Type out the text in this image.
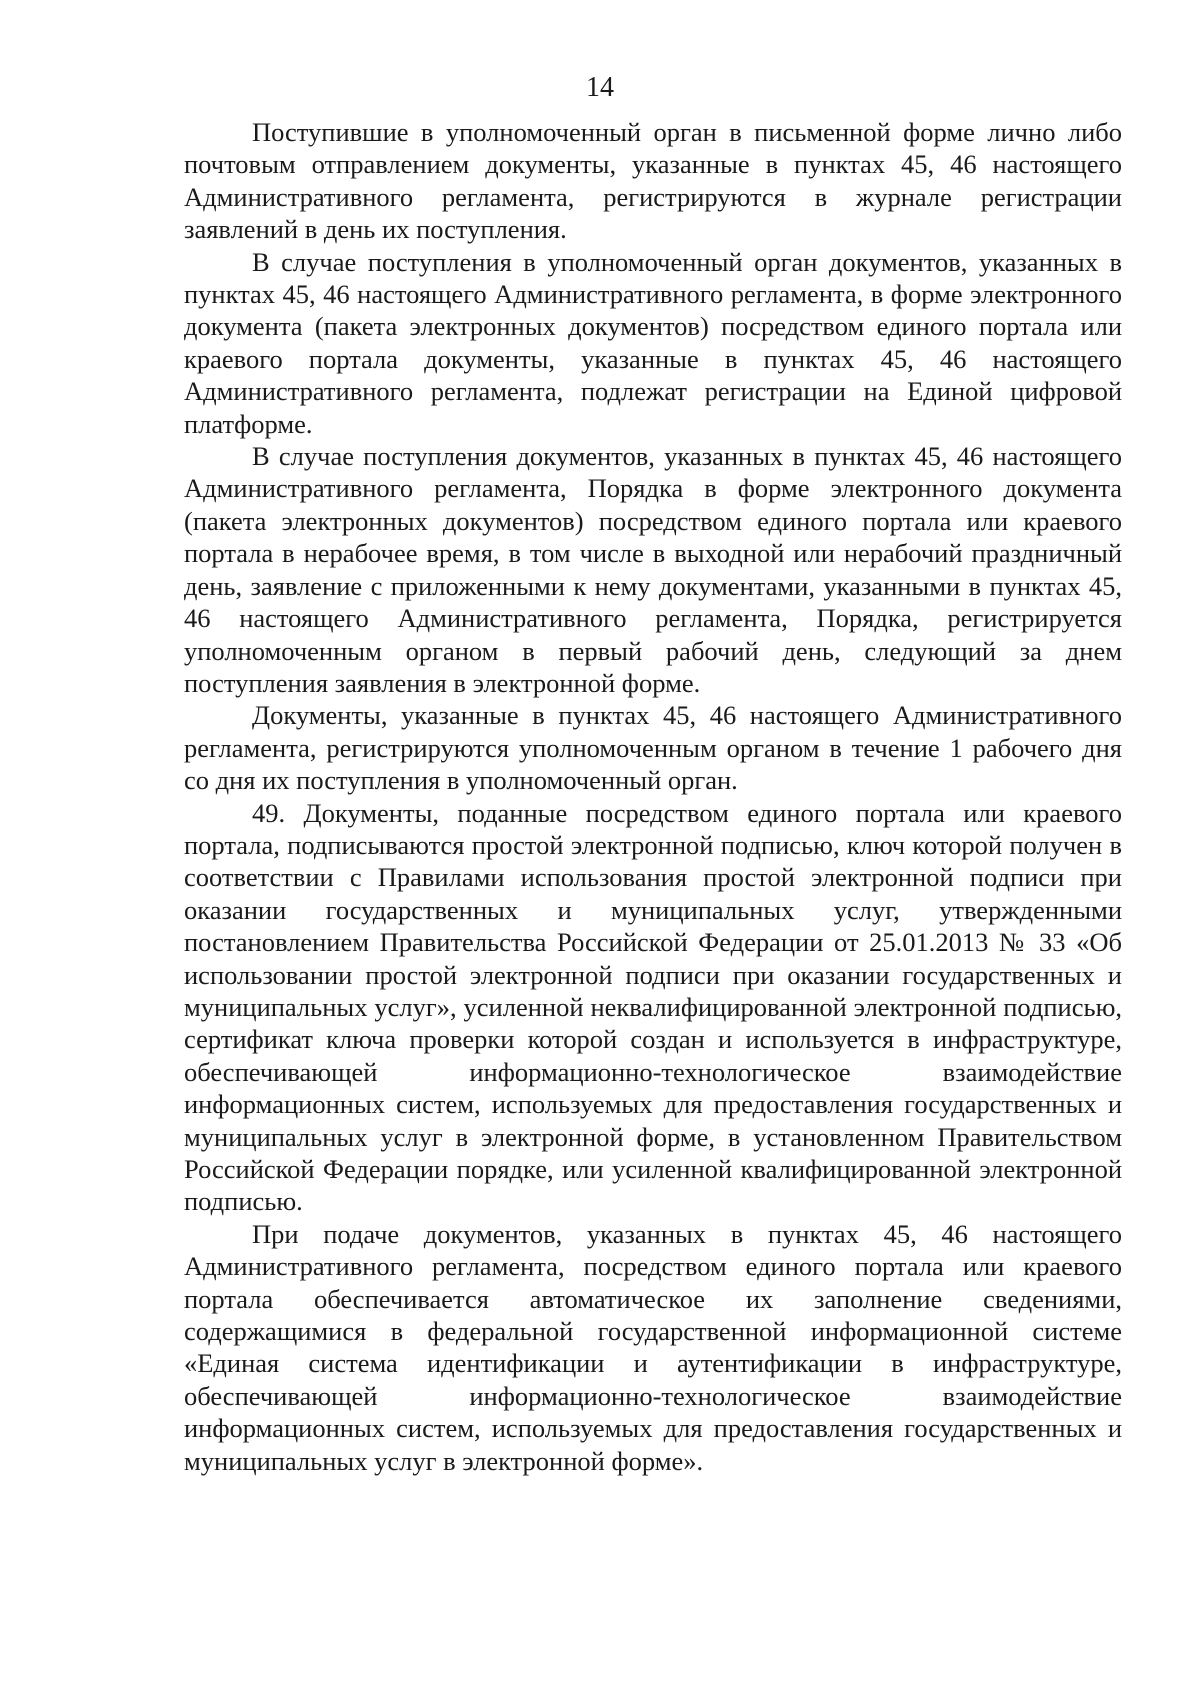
14

Поступившие в уполномоченный орган в письменной форме лично либо почтовым отправлением документы, указанные в пунктах 45, 46 настоящего Административного регламента, регистрируются в журнале регистрации заявлений в день их поступления.

В случае поступления в уполномоченный орган документов, указанных в пунктах 45, 46 настоящего Административного регламента, в форме электронного документа (пакета электронных документов) посредством единого портала или краевого портала документы, указанные в пунктах 45, 46 настоящего Административного регламента, подлежат регистрации на Единой цифровой платформе.

В случае поступления документов, указанных в пунктах 45, 46 настоящего Административного регламента, Порядка в форме электронного документа (пакета электронных документов) посредством единого портала или краевого портала в нерабочее время, в том числе в выходной или нерабочий праздничный день, заявление с приложенными к нему документами, указанными в пунктах 45, 46 настоящего Административного регламента, Порядка, регистрируется уполномоченным органом в первый рабочий день, следующий за днем поступления заявления в электронной форме.

Документы, указанные в пунктах 45, 46 настоящего Административного регламента, регистрируются уполномоченным органом в течение 1 рабочего дня со дня их поступления в уполномоченный орган.

49. Документы, поданные посредством единого портала или краевого портала, подписываются простой электронной подписью, ключ которой получен в соответствии с Правилами использования простой электронной подписи при оказании государственных и муниципальных услуг, утвержденными постановлением Правительства Российской Федерации от 25.01.2013 № 33 «Об использовании простой электронной подписи при оказании государственных и муниципальных услуг», усиленной неквалифицированной электронной подписью, сертификат ключа проверки которой создан и используется в инфраструктуре, обеспечивающей информационно-технологическое взаимодействие информационных систем, используемых для предоставления государственных и муниципальных услуг в электронной форме, в установленном Правительством Российской Федерации порядке, или усиленной квалифицированной электронной подписью.

При подаче документов, указанных в пунктах 45, 46 настоящего Административного регламента, посредством единого портала или краевого портала обеспечивается автоматическое их заполнение сведениями, содержащимися в федеральной государственной информационной системе «Единая система идентификации и аутентификации в инфраструктуре, обеспечивающей информационно-технологическое взаимодействие информационных систем, используемых для предоставления государственных и муниципальных услуг в электронной форме».
